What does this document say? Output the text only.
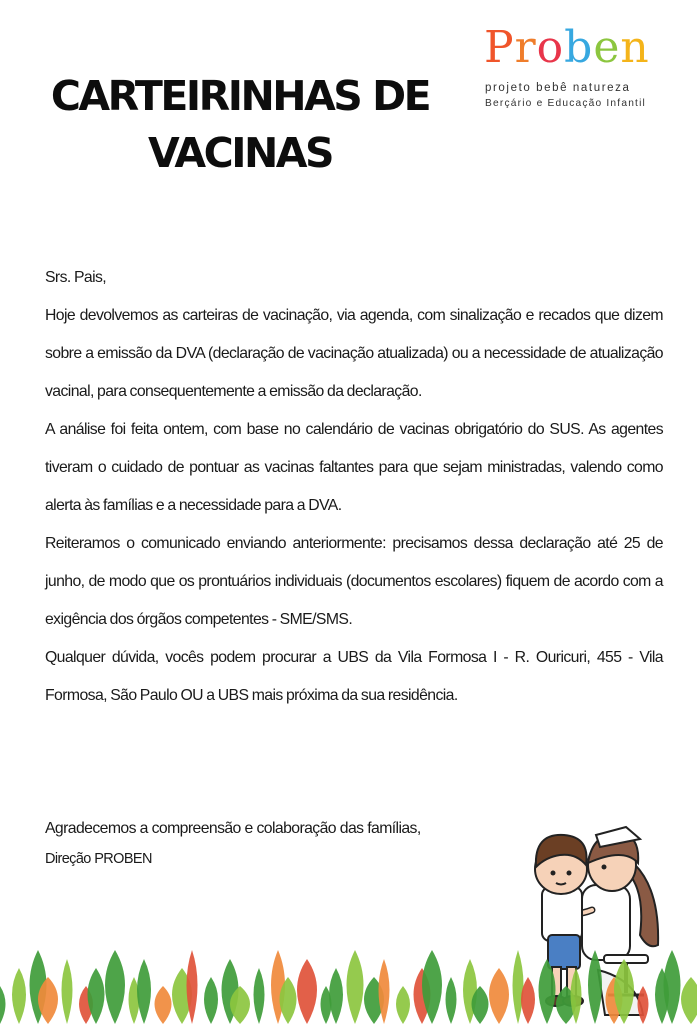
CARTEIRINHAS DE
VACINAS
Proben
projeto bebê natureza
Berçário e Educação Infantil

Srs. Pais,

Hoje devolvemos as carteiras de vacinação, via agenda, com sinalização e recados que dizem sobre a emissão da DVA (declaração de vacinação atualizada) ou a necessidade de atualização vacinal, para consequentemente a emissão da declaração.

A análise foi feita ontem, com base no calendário de vacinas obrigatório do SUS. As agentes tiveram o cuidado de pontuar as vacinas faltantes para que sejam ministradas, valendo como alerta às famílias e a necessidade para a DVA.

Reiteramos o comunicado enviando anteriormente: precisamos dessa declaração até 25 de junho, de modo que os prontuários individuais (documentos escolares) fiquem de acordo com a exigência dos órgãos competentes - SME/SMS.

Qualquer dúvida, vocês podem procurar a UBS da Vila Formosa I - R. Ouricuri, 455 - Vila Formosa, São Paulo OU a UBS mais próxima da sua residência.

Agradecemos a compreensão e colaboração das famílias,

Direção PROBEN
